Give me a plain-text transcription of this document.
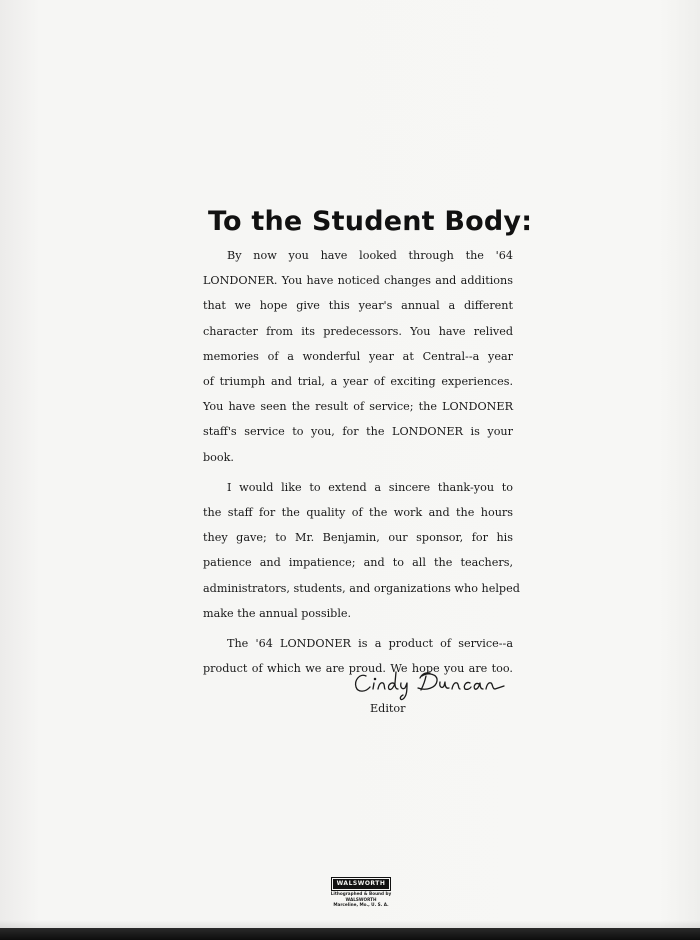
To the Student Body:
By now you have looked through the '64
LONDONER. You have noticed changes and additions
that we hope give this year's annual a different
character from its predecessors. You have relived
memories of a wonderful year at Central--a year
of triumph and trial, a year of exciting experiences.
You have seen the result of service; the LONDONER
staff's service to you, for the LONDONER is your
book.
I would like to extend a sincere thank-you to
the staff for the quality of the work and the hours
they gave; to Mr. Benjamin, our sponsor, for his
patience and impatience; and to all the teachers,
administrators, students, and organizations who helped
make the annual possible.
The '64 LONDONER is a product of service--a
product of which we are proud. We hope you are too.
Editor
WALSWORTH
Lithographed & Bound by
WALSWORTH
Marceline, Mo., U. S. A.
